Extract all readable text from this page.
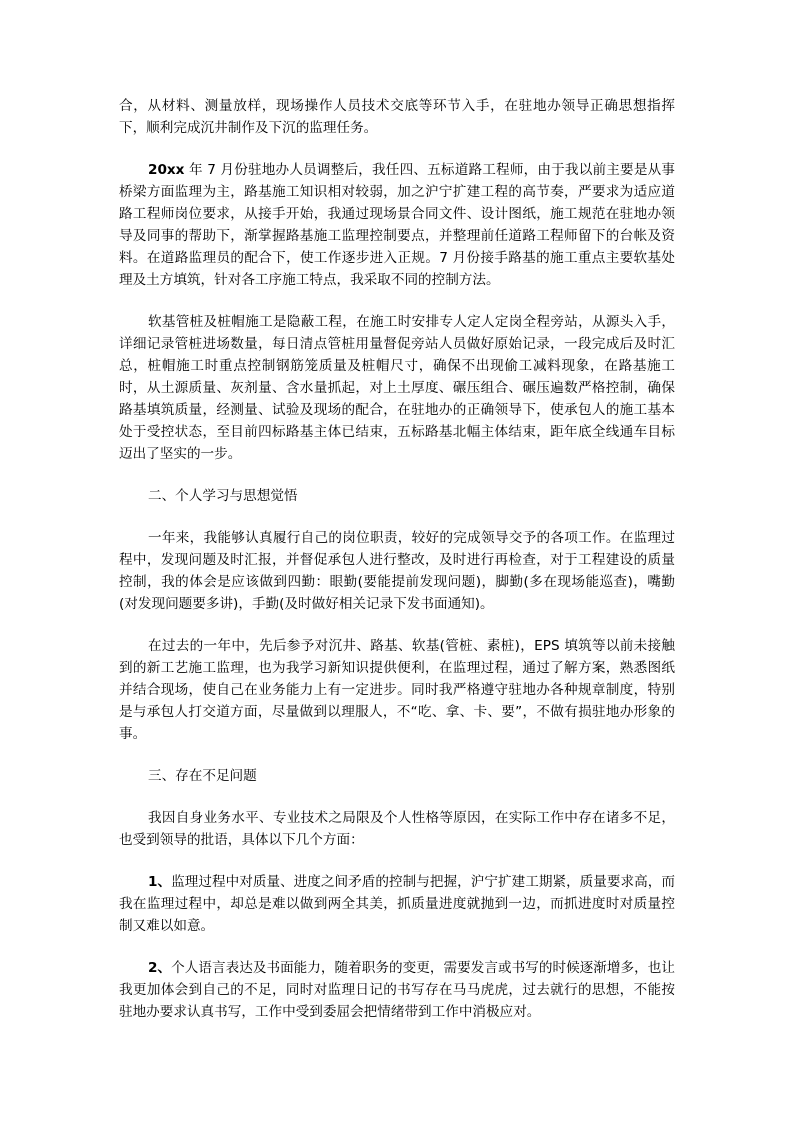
合，从材料、测量放样，现场操作人员技术交底等环节入手，在驻地办领导正确思想指挥下，顺利完成沉井制作及下沉的监理任务。

20xx 年 7 月份驻地办人员调整后，我任四、五标道路工程师，由于我以前主要是从事桥梁方面监理为主，路基施工知识相对较弱，加之沪宁扩建工程的高节奏，严要求为适应道路工程师岗位要求，从接手开始，我通过现场景合同文件、设计图纸，施工规范在驻地办领导及同事的帮助下，渐掌握路基施工监理控制要点，并整理前任道路工程师留下的台帐及资料。在道路监理员的配合下，使工作逐步进入正规。7 月份接手路基的施工重点主要软基处理及土方填筑，针对各工序施工特点，我采取不同的控制方法。

软基管桩及桩帽施工是隐蔽工程，在施工时安排专人定人定岗全程旁站，从源头入手，详细记录管桩进场数量，每日清点管桩用量督促旁站人员做好原始记录，一段完成后及时汇总，桩帽施工时重点控制钢筋笼质量及桩帽尺寸，确保不出现偷工减料现象，在路基施工时，从土源质量、灰剂量、含水量抓起，对上土厚度、碾压组合、碾压遍数严格控制，确保路基填筑质量，经测量、试验及现场的配合，在驻地办的正确领导下，使承包人的施工基本处于受控状态，至目前四标路基主体已结束，五标路基北幅主体结束，距年底全线通车目标迈出了坚实的一步。

二、个人学习与思想觉悟

一年来，我能够认真履行自己的岗位职责，较好的完成领导交予的各项工作。在监理过程中，发现问题及时汇报，并督促承包人进行整改，及时进行再检查，对于工程建设的质量控制，我的体会是应该做到四勤：眼勤(要能提前发现问题)，脚勤(多在现场能巡查)，嘴勤(对发现问题要多讲)，手勤(及时做好相关记录下发书面通知)。

在过去的一年中，先后参予对沉井、路基、软基(管桩、素桩)，EPS 填筑等以前未接触到的新工艺施工监理，也为我学习新知识提供便利，在监理过程，通过了解方案，熟悉图纸并结合现场，使自己在业务能力上有一定进步。同时我严格遵守驻地办各种规章制度，特别是与承包人打交道方面，尽量做到以理服人，不“吃、拿、卡、要”，不做有损驻地办形象的事。

三、存在不足问题

我因自身业务水平、专业技术之局限及个人性格等原因，在实际工作中存在诸多不足，也受到领导的批语，具体以下几个方面：

1、监理过程中对质量、进度之间矛盾的控制与把握，沪宁扩建工期紧，质量要求高，而我在监理过程中，却总是难以做到两全其美，抓质量进度就抛到一边，而抓进度时对质量控制又难以如意。

2、个人语言表达及书面能力，随着职务的变更，需要发言或书写的时候逐渐增多，也让我更加体会到自己的不足，同时对监理日记的书写存在马马虎虎，过去就行的思想，不能按驻地办要求认真书写，工作中受到委屈会把情绪带到工作中消极应对。
